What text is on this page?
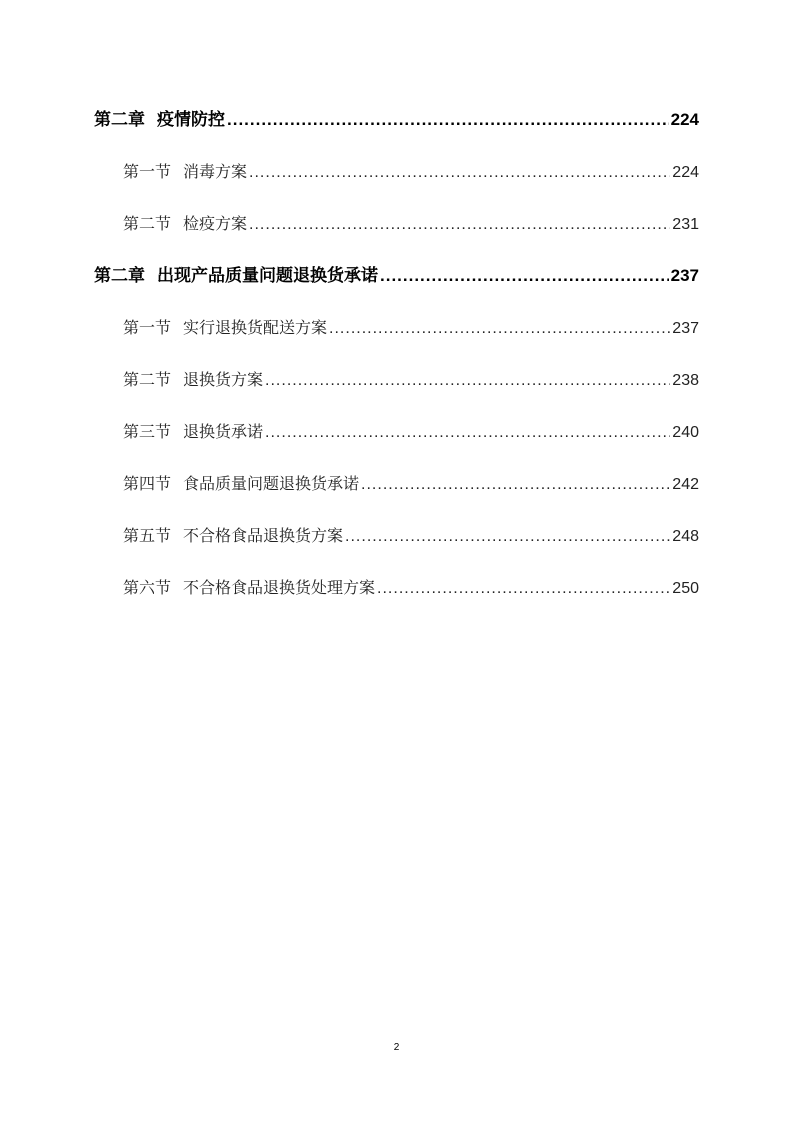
第二章 疫情防控 .....	224
第一节 消毒方案 .....	224
第二节 检疫方案 .....	231
第二章 出现产品质量问题退换货承诺 .....	237
第一节 实行退换货配送方案 .....	237
第二节 退换货方案 .....	238
第三节 退换货承诺 .....	240
第四节 食品质量问题退换货承诺 .....	242
第五节 不合格食品退换货方案 .....	248
第六节 不合格食品退换货处理方案 .....	250
2
